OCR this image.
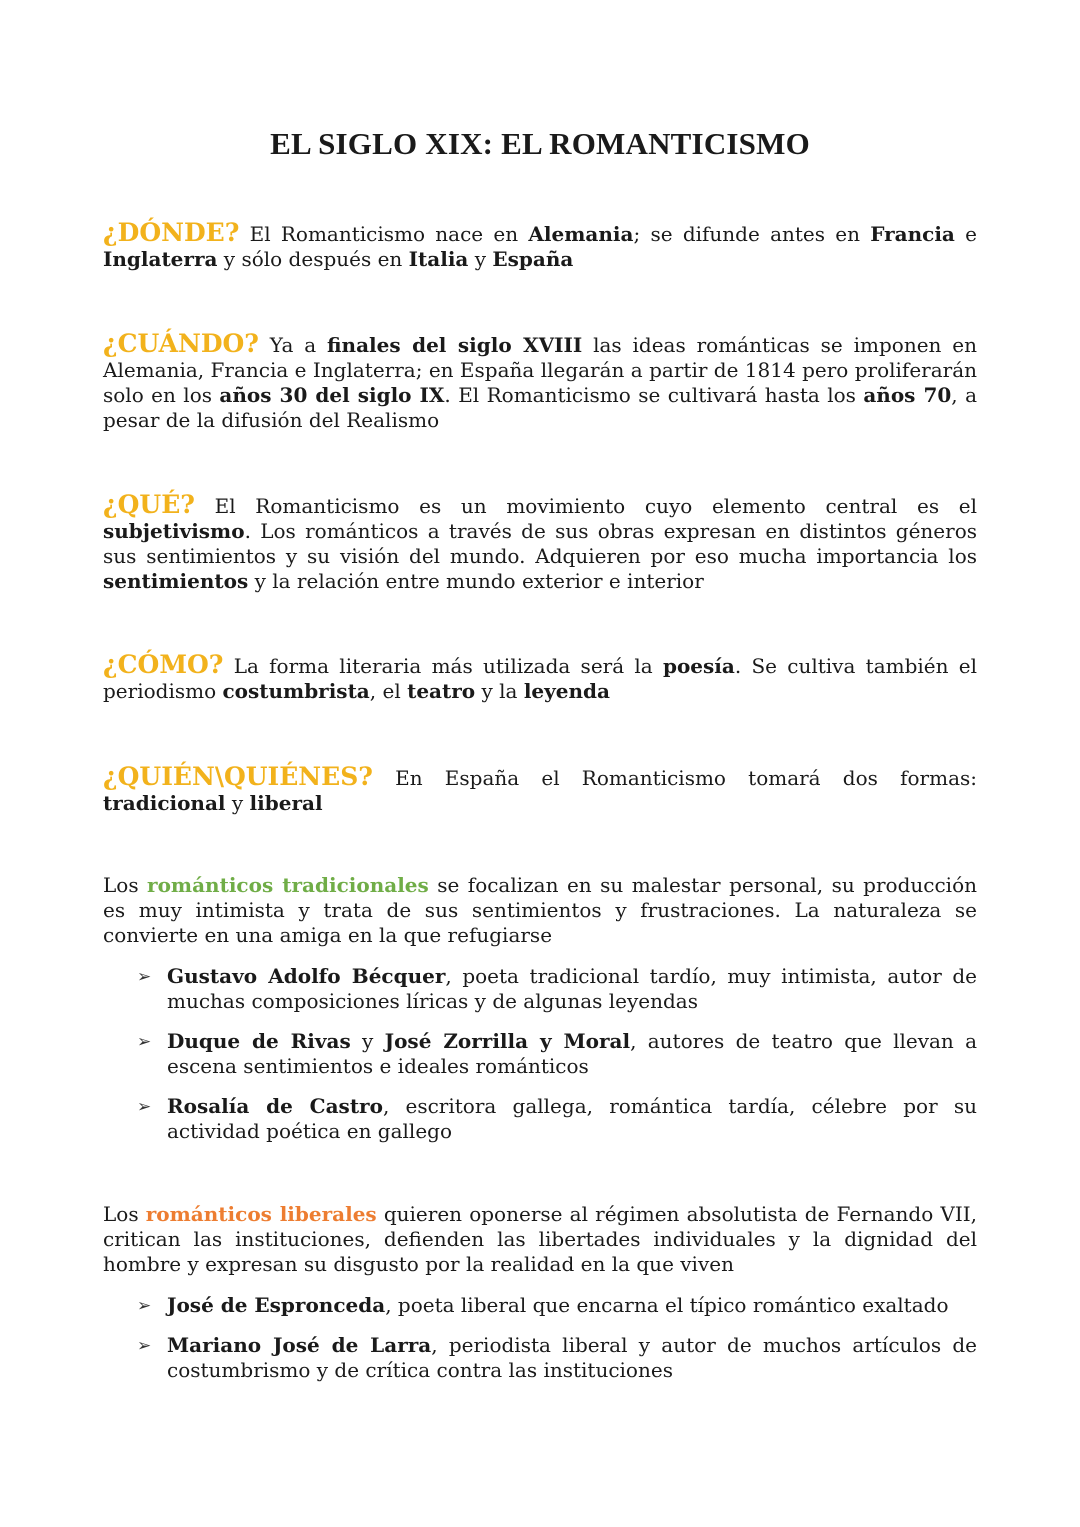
EL SIGLO XIX: EL ROMANTICISMO

¿DÓNDE? El Romanticismo nace en Alemania; se difunde antes en Francia e Inglaterra y sólo después en Italia y España

¿CUÁNDO? Ya a finales del siglo XVIII las ideas románticas se imponen en Alemania, Francia e Inglaterra; en España llegarán a partir de 1814 pero proliferarán solo en los años 30 del siglo IX. El Romanticismo se cultivará hasta los años 70, a pesar de la difusión del Realismo

¿QUÉ? El Romanticismo es un movimiento cuyo elemento central es el subjetivismo. Los románticos a través de sus obras expresan en distintos géneros sus sentimientos y su visión del mundo. Adquieren por eso mucha importancia los sentimientos y la relación entre mundo exterior e interior

¿CÓMO? La forma literaria más utilizada será la poesía. Se cultiva también el periodismo costumbrista, el teatro y la leyenda

¿QUIÉN\QUIÉNES? En España el Romanticismo tomará dos formas: tradicional y liberal

Los románticos tradicionales se focalizan en su malestar personal, su producción es muy intimista y trata de sus sentimientos y frustraciones. La naturaleza se convierte en una amiga en la que refugiarse

➢ Gustavo Adolfo Bécquer, poeta tradicional tardío, muy intimista, autor de muchas composiciones líricas y de algunas leyendas
➢ Duque de Rivas y José Zorrilla y Moral, autores de teatro que llevan a escena sentimientos e ideales románticos
➢ Rosalía de Castro, escritora gallega, romántica tardía, célebre por su actividad poética en gallego

Los románticos liberales quieren oponerse al régimen absolutista de Fernando VII, critican las instituciones, defienden las libertades individuales y la dignidad del hombre y expresan su disgusto por la realidad en la que viven

➢ José de Espronceda, poeta liberal que encarna el típico romántico exaltado
➢ Mariano José de Larra, periodista liberal y autor de muchos artículos de costumbrismo y de crítica contra las instituciones
